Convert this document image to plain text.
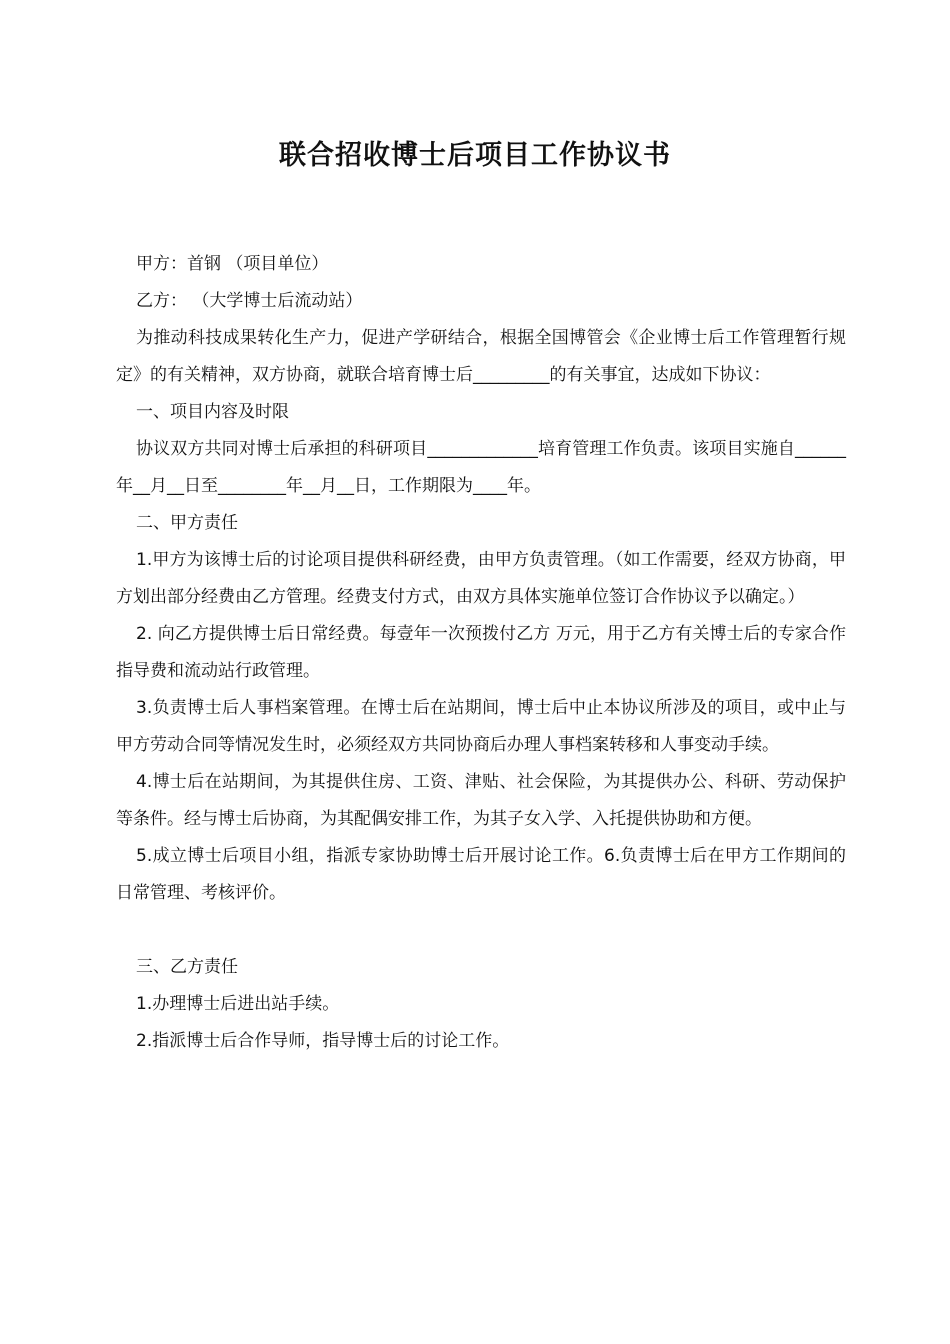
联合招收博士后项目工作协议书

甲方：首钢 （项目单位）

乙方： （大学博士后流动站）

为推动科技成果转化生产力，促进产学研结合，根据全国博管会《企业博士后工作管理暂行规定》的有关精神，双方协商，就联合培育博士后_________的有关事宜，达成如下协议：

一、项目内容及时限

协议双方共同对博士后承担的科研项目_____________培育管理工作负责。该项目实施自______年__月__日至________年__月__日，工作期限为____年。

二、甲方责任

1.甲方为该博士后的讨论项目提供科研经费，由甲方负责管理。（如工作需要，经双方协商，甲方划出部分经费由乙方管理。经费支付方式，由双方具体实施单位签订合作协议予以确定。）

2. 向乙方提供博士后日常经费。每壹年一次预拨付乙方 万元，用于乙方有关博士后的专家合作指导费和流动站行政管理。

3.负责博士后人事档案管理。在博士后在站期间，博士后中止本协议所涉及的项目，或中止与甲方劳动合同等情况发生时，必须经双方共同协商后办理人事档案转移和人事变动手续。

4.博士后在站期间，为其提供住房、工资、津贴、社会保险，为其提供办公、科研、劳动保护等条件。经与博士后协商，为其配偶安排工作，为其子女入学、入托提供协助和方便。

5.成立博士后项目小组，指派专家协助博士后开展讨论工作。6.负责博士后在甲方工作期间的日常管理、考核评价。

三、乙方责任

1.办理博士后进出站手续。

2.指派博士后合作导师，指导博士后的讨论工作。
